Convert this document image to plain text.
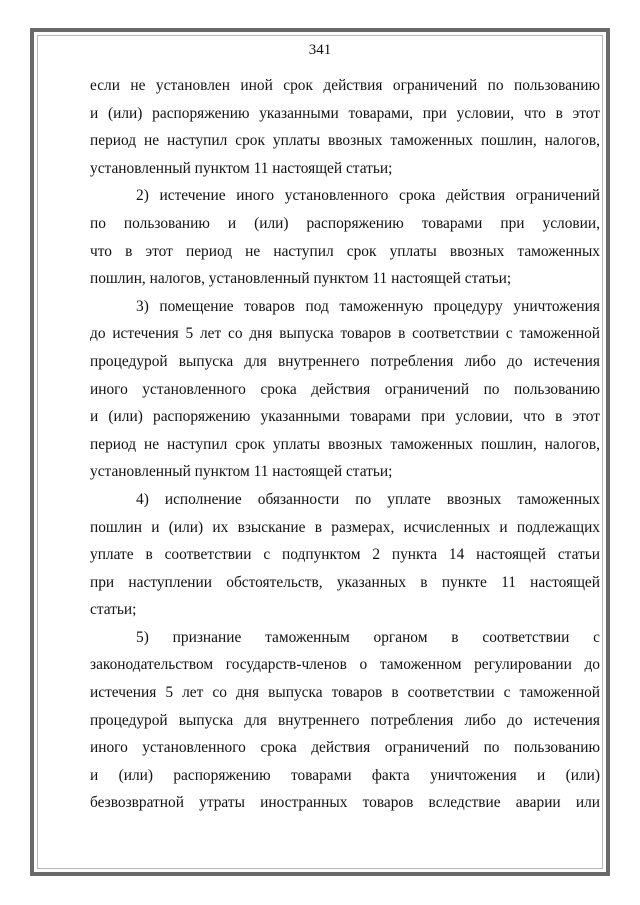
341
если не установлен иной срок действия ограничений по пользованию
и (или) распоряжению указанными товарами, при условии, что в этот
период не наступил срок уплаты ввозных таможенных пошлин, налогов,
установленный пунктом 11 настоящей статьи;
2) истечение иного установленного срока действия ограничений
по пользованию и (или) распоряжению товарами при условии,
что в этот период не наступил срок уплаты ввозных таможенных
пошлин, налогов, установленный пунктом 11 настоящей статьи;
3) помещение товаров под таможенную процедуру уничтожения
до истечения 5 лет со дня выпуска товаров в соответствии с таможенной
процедурой выпуска для внутреннего потребления либо до истечения
иного установленного срока действия ограничений по пользованию
и (или) распоряжению указанными товарами при условии, что в этот
период не наступил срок уплаты ввозных таможенных пошлин, налогов,
установленный пунктом 11 настоящей статьи;
4) исполнение обязанности по уплате ввозных таможенных
пошлин и (или) их взыскание в размерах, исчисленных и подлежащих
уплате в соответствии с подпунктом 2 пункта 14 настоящей статьи
при наступлении обстоятельств, указанных в пункте 11 настоящей
статьи;
5) признание таможенным органом в соответствии с
законодательством государств-членов о таможенном регулировании до
истечения 5 лет со дня выпуска товаров в соответствии с таможенной
процедурой выпуска для внутреннего потребления либо до истечения
иного установленного срока действия ограничений по пользованию
и (или) распоряжению товарами факта уничтожения и (или)
безвозвратной утраты иностранных товаров вследствие аварии или
